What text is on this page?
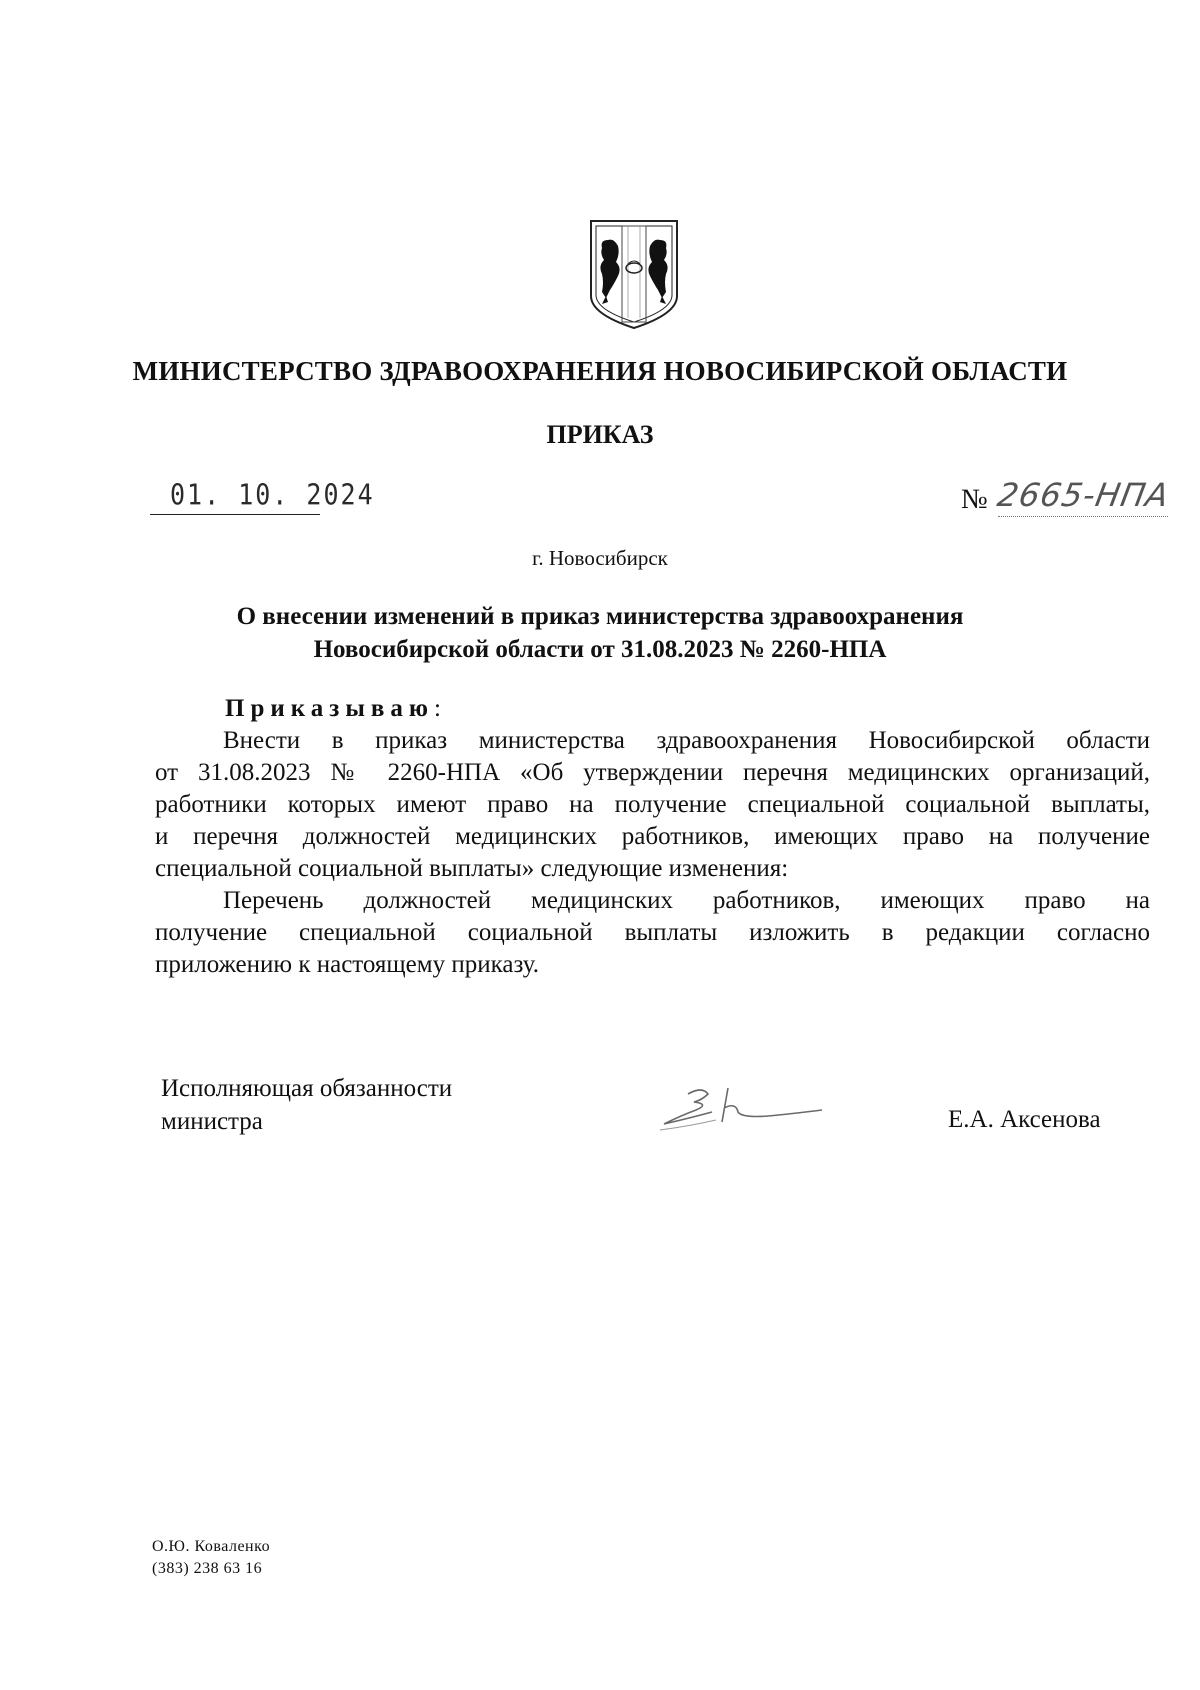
МИНИСТЕРСТВО ЗДРАВООХРАНЕНИЯ НОВОСИБИРСКОЙ ОБЛАСТИ
ПРИКАЗ
01. 10. 2024	№ 2665-НПА
г. Новосибирск
О внесении изменений в приказ министерства здравоохранения
Новосибирской области от 31.08.2023 № 2260-НПА
Приказываю:
Внести в приказ министерства здравоохранения Новосибирской области
от 31.08.2023 № 2260-НПА «Об утверждении перечня медицинских организаций,
работники которых имеют право на получение специальной социальной выплаты,
и перечня должностей медицинских работников, имеющих право на получение
специальной социальной выплаты» следующие изменения:
Перечень должностей медицинских работников, имеющих право на
получение специальной социальной выплаты изложить в редакции согласно
приложению к настоящему приказу.
Исполняющая обязанности
министра	Е.А. Аксенова
О.Ю. Коваленко
(383) 238 63 16
